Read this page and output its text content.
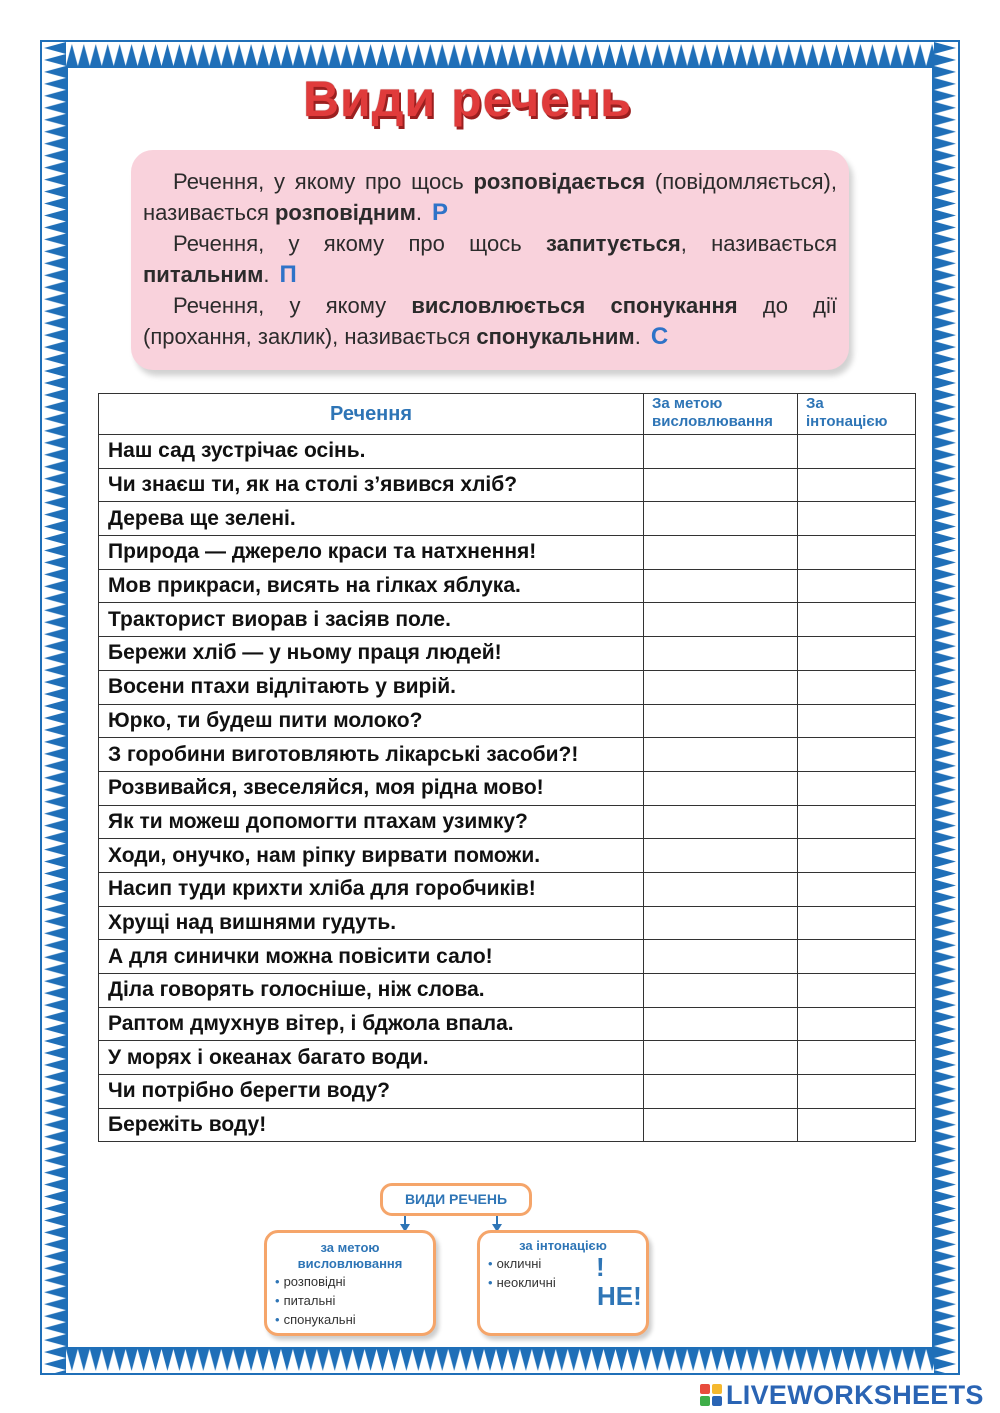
Види речень

Речення, у якому про щось розповідається (повідомляється), називається розповідним. Р

Речення, у якому про щось запитується, називається питальним. П

Речення, у якому висловлюється спонукання до дії (прохання, заклик), називається спонукальним. С

Речення	За метою висловлювання	За інтонацією
Наш сад зустрічає осінь.		
Чи знаєш ти, як на столі з’явився хліб?		
Дерева ще зелені.		
Природа — джерело краси та натхнення!		
Мов прикраси, висять на гілках яблука.		
Тракторист виорав і засіяв поле.		
Бережи хліб — у ньому праця людей!		
Восени птахи відлітають у вирій.		
Юрко, ти будеш пити молоко?		
З горобини виготовляють лікарські засоби?!		
Розвивайся, звеселяйся, моя рідна мово!		
Як ти можеш допомогти птахам узимку?		
Ходи, онучко, нам ріпку вирвати поможи.		
Насип туди крихти хліба для горобчиків!		
Хрущі над вишнями гудуть.		
А для синички можна повісити сало!		
Діла говорять голосніше, ніж слова.		
Раптом дмухнув вітер, і бджола впала.		
У морях і океанах багато води.		
Чи потрібно берегти воду?		
Бережіть воду!		
ВИДИ РЕЧЕНЬ
за метою висловлювання
• розповідні
• питальні
• спонукальні
за інтонацією
• окличні
• неокличні
!
НЕ!
LIVEWORKSHEETS
